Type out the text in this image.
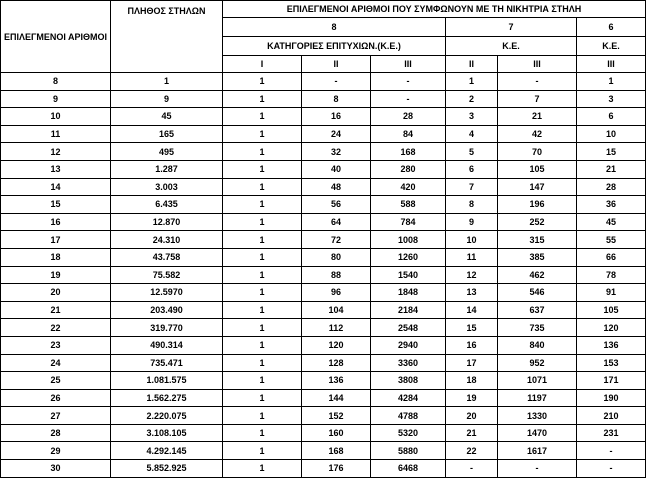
ΕΠΙΛΕΓΜΕΝΟΙ ΑΡΙΘΜΟΙ	ΠΛΗΘΟΣ ΣΤΗΛΩΝ	ΕΠΙΛΕΓΜΕΝΟΙ ΑΡΙΘΜΟΙ ΠΟΥ ΣΥΜΦΩΝΟΥΝ ΜΕ ΤΗ ΝΙΚΗΤΡΙΑ ΣΤΗΛΗ					
		8			7		6
		ΚΑΤΗΓΟΡΙΕΣ ΕΠΙΤΥΧΙΩΝ.(Κ.Ε.)			Κ.Ε.		Κ.Ε.
		I	II	III	II	III	III
8	1	1	-	-	1	-	1
9	9	1	8	-	2	7	3
10	45	1	16	28	3	21	6
11	165	1	24	84	4	42	10
12	495	1	32	168	5	70	15
13	1.287	1	40	280	6	105	21
14	3.003	1	48	420	7	147	28
15	6.435	1	56	588	8	196	36
16	12.870	1	64	784	9	252	45
17	24.310	1	72	1008	10	315	55
18	43.758	1	80	1260	11	385	66
19	75.582	1	88	1540	12	462	78
20	12.5970	1	96	1848	13	546	91
21	203.490	1	104	2184	14	637	105
22	319.770	1	112	2548	15	735	120
23	490.314	1	120	2940	16	840	136
24	735.471	1	128	3360	17	952	153
25	1.081.575	1	136	3808	18	1071	171
26	1.562.275	1	144	4284	19	1197	190
27	2.220.075	1	152	4788	20	1330	210
28	3.108.105	1	160	5320	21	1470	231
29	4.292.145	1	168	5880	22	1617	-
30	5.852.925	1	176	6468	-	-	-
